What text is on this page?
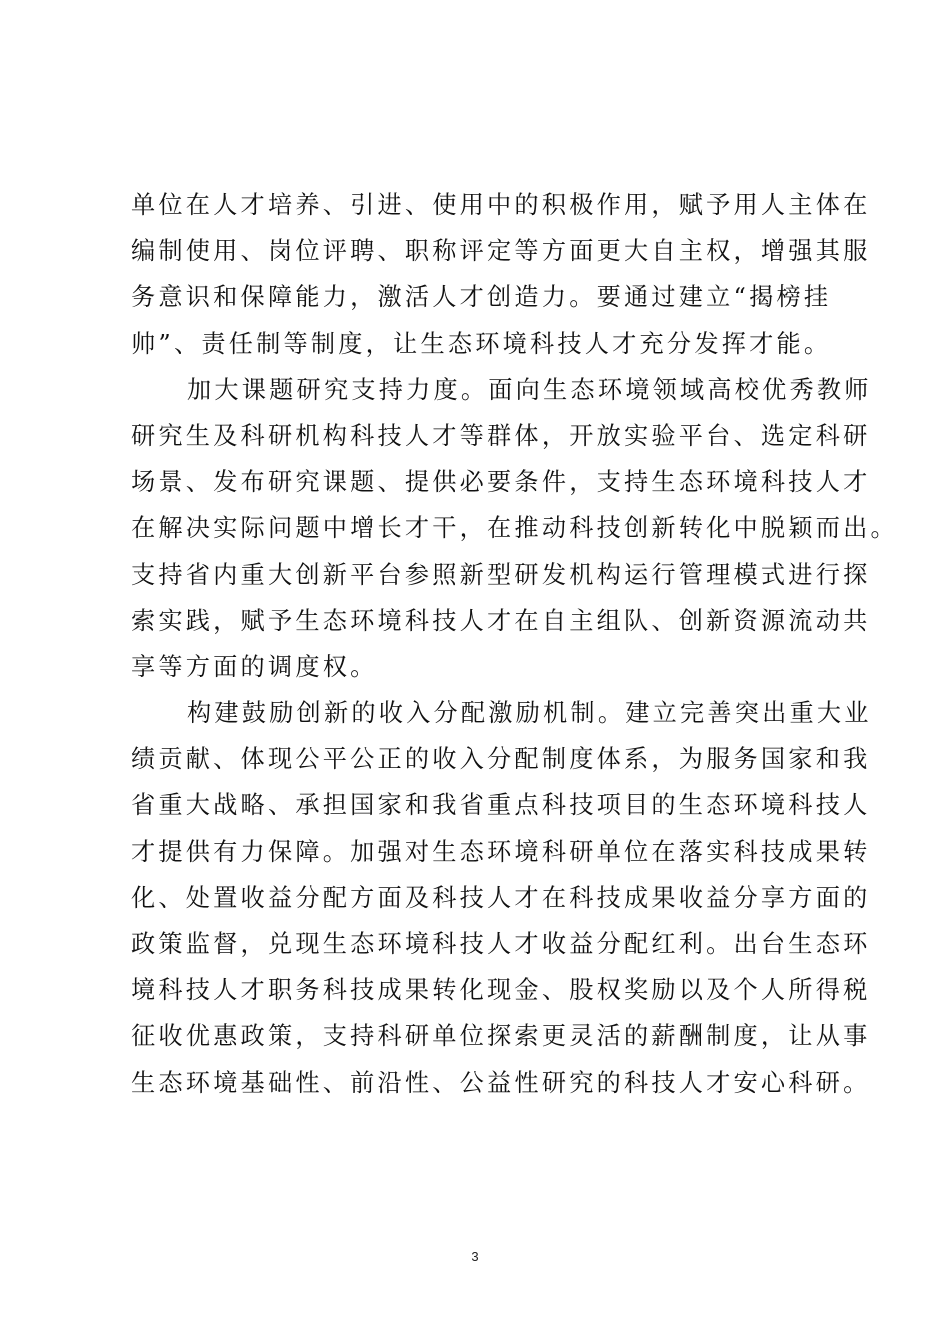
单位在人才培养、引进、使用中的积极作用，赋予用人主体在
编制使用、岗位评聘、职称评定等方面更大自主权，增强其服
务意识和保障能力，激活人才创造力。要通过建立“揭榜挂
帅”、责任制等制度，让生态环境科技人才充分发挥才能。
加大课题研究支持力度。面向生态环境领域高校优秀教师
研究生及科研机构科技人才等群体，开放实验平台、选定科研
场景、发布研究课题、提供必要条件，支持生态环境科技人才
在解决实际问题中增长才干，在推动科技创新转化中脱颖而出。
支持省内重大创新平台参照新型研发机构运行管理模式进行探
索实践，赋予生态环境科技人才在自主组队、创新资源流动共
享等方面的调度权。
构建鼓励创新的收入分配激励机制。建立完善突出重大业
绩贡献、体现公平公正的收入分配制度体系，为服务国家和我
省重大战略、承担国家和我省重点科技项目的生态环境科技人
才提供有力保障。加强对生态环境科研单位在落实科技成果转
化、处置收益分配方面及科技人才在科技成果收益分享方面的
政策监督，兑现生态环境科技人才收益分配红利。出台生态环
境科技人才职务科技成果转化现金、股权奖励以及个人所得税
征收优惠政策，支持科研单位探索更灵活的薪酬制度，让从事
生态环境基础性、前沿性、公益性研究的科技人才安心科研。
3
